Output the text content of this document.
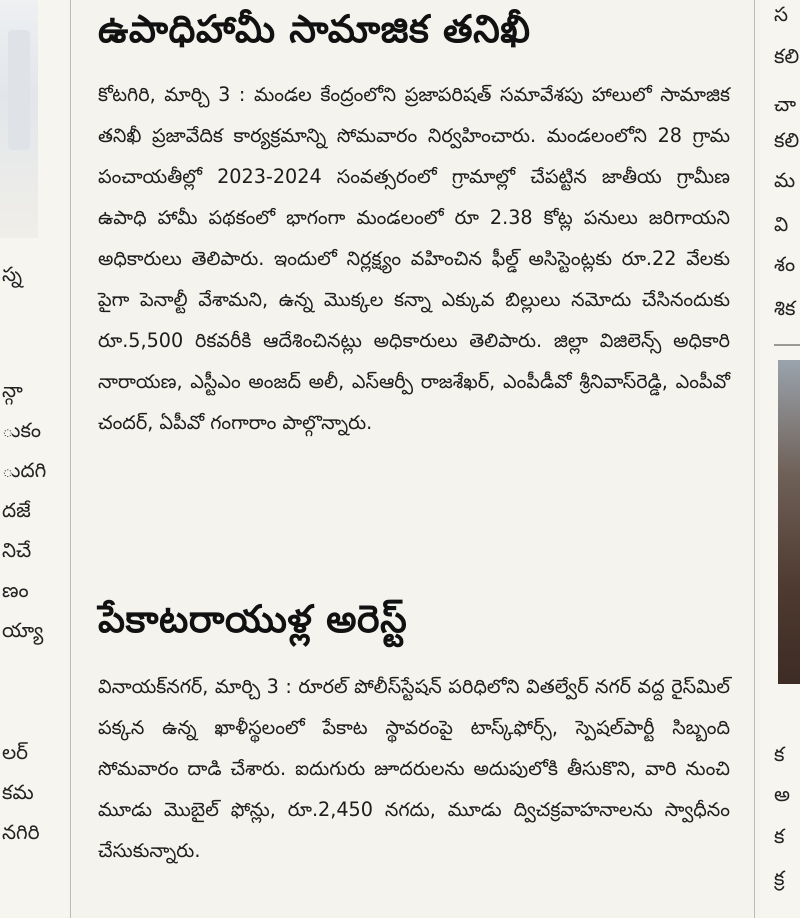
స్న
న్గా
ుకం
ుదగి
దజే
నిచే
ణం
య్యా
లర్
కమ
నగిరి
ఉపాధిహామీ సామాజిక తనిఖీ

కోటగిరి, మార్చి 3 : మండల కేంద్రంలోని ప్రజాపరిషత్ సమావేశపు హాలులో సామాజిక తనిఖీ ప్రజావేదిక కార్యక్రమాన్ని సోమవారం నిర్వహించారు. మండలంలోని 28 గ్రామ పంచాయతీల్లో 2023-2024 సంవత్సరంలో గ్రామాల్లో చేపట్టిన జాతీయ గ్రామీణ ఉపాధి హామీ పథకంలో భాగంగా మండలంలో రూ 2.38 కోట్ల పనులు జరిగాయని అధికారులు తెలిపారు. ఇందులో నిర్లక్ష్యం వహించిన ఫీల్డ్ అసిస్టెంట్లకు రూ.22 వేలకు పైగా పెనాల్టీ వేశామని, ఉన్న మొక్కల కన్నా ఎక్కువ బిల్లులు నమోదు చేసినందుకు రూ.5,500 రికవరీకి ఆదేశించినట్లు అధికారులు తెలిపారు. జిల్లా విజిలెన్స్ అధికారి నారాయణ, ఎస్టీఎం అంజద్ అలీ, ఎస్ఆర్పీ రాజశేఖర్, ఎంపీడీవో శ్రీనివాస్‌రెడ్డి, ఎంపీవో చందర్, ఏపీవో గంగారాం పాల్గొన్నారు.

పేకాటరాయుళ్ల అరెస్ట్

వినాయక్‌నగర్, మార్చి 3 : రూరల్ పోలీస్‌స్టేషన్ పరిధిలోని వితల్వేర్ నగర్ వద్ద రైస్‌మిల్ పక్కన ఉన్న ఖాళీస్థలంలో పేకాట స్థావరంపై టాస్క్‌ఫోర్స్, స్పెషల్‌పార్టీ సిబ్బంది సోమవారం దాడి చేశారు. ఐదుగురు జూదరులను అదుపులోకి తీసుకొని, వారి నుంచి మూడు మొబైల్ ఫోన్లు, రూ.2,450 నగదు, మూడు ద్విచక్రవాహనాలను స్వాధీనం చేసుకున్నారు.

స
కలి
చా
కలి
మ
వి
శం
శిక
క
అ
క
క్ర
